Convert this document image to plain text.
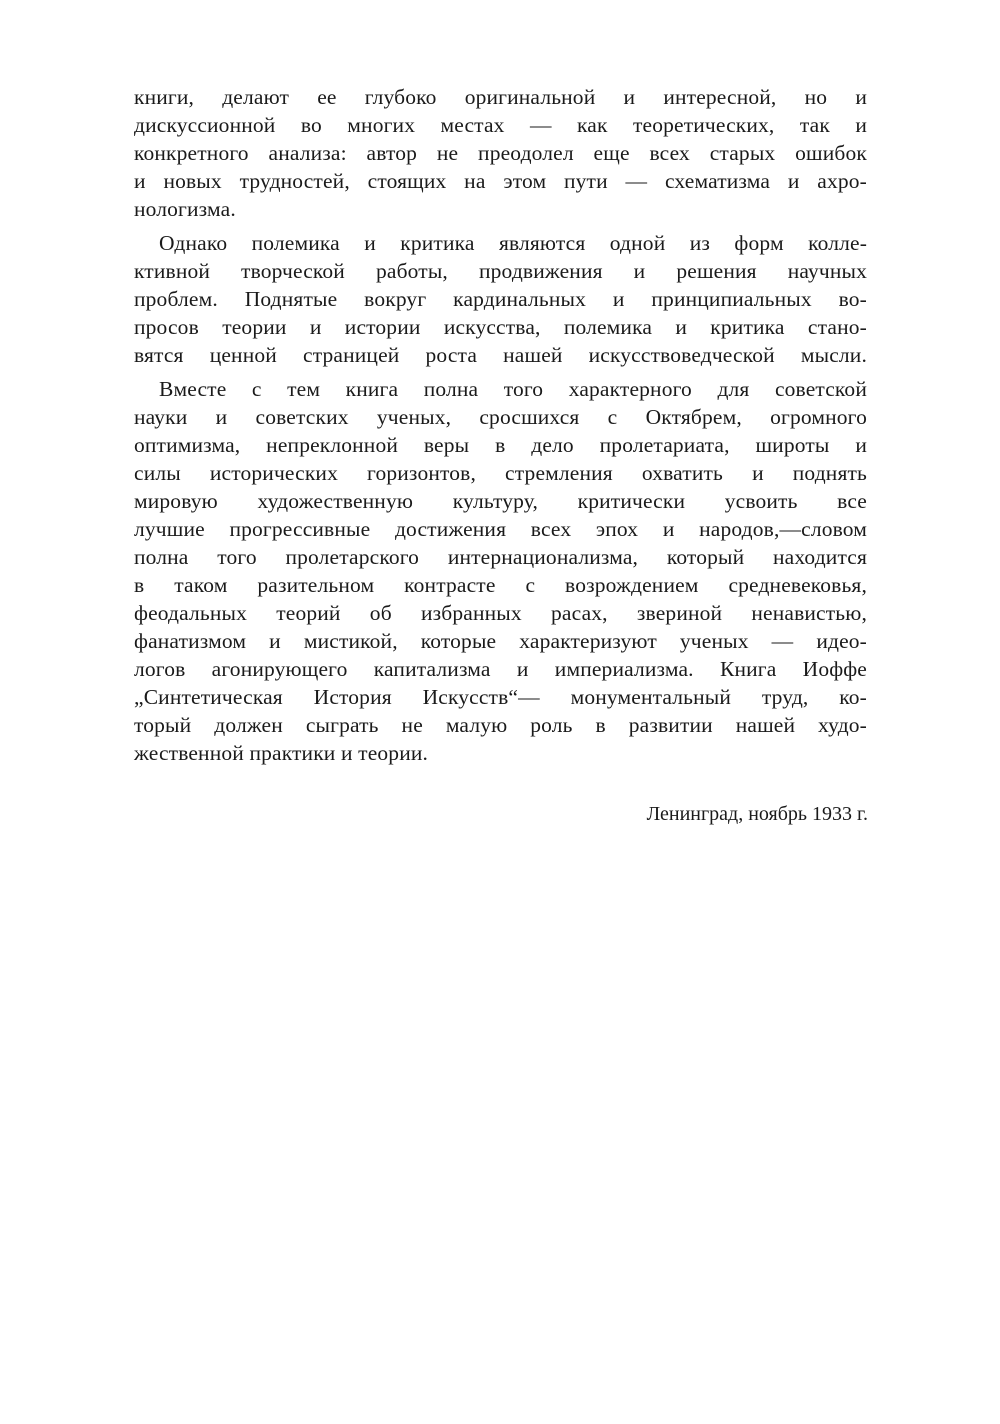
книги, делают ее глубоко оригинальной и интересной, но и
дискуссионной во многих местах — как теоретических, так и
конкретного анализа: автор не преодолел еще всех старых ошибок
и новых трудностей, стоящих на этом пути — схематизма и ахро-
нологизма.
Однако полемика и критика являются одной из форм колле-
ктивной творческой работы, продвижения и решения научных
проблем. Поднятые вокруг кардинальных и принципиальных во-
просов теории и истории искусства, полемика и критика стано-
вятся ценной страницей роста нашей искусствоведческой мысли.
Вместе с тем книга полна того характерного для советской
науки и советских ученых, сросшихся с Октябрем, огромного
оптимизма, непреклонной веры в дело пролетариата, широты и
силы исторических горизонтов, стремления охватить и поднять
мировую художественную культуру, критически усвоить все
лучшие прогрессивные достижения всех эпох и народов,—словом
полна того пролетарского интернационализма, который находится
в таком разительном контрасте с возрождением средневековья,
феодальных теорий об избранных расах, звериной ненавистью,
фанатизмом и мистикой, которые характеризуют ученых — идео-
логов агонирующего капитализма и империализма. Книга Иоффе
„Синтетическая История Искусств“— монументальный труд, ко-
торый должен сыграть не малую роль в развитии нашей худо-
жественной практики и теории.
Ленинград, ноябрь 1933 г.
